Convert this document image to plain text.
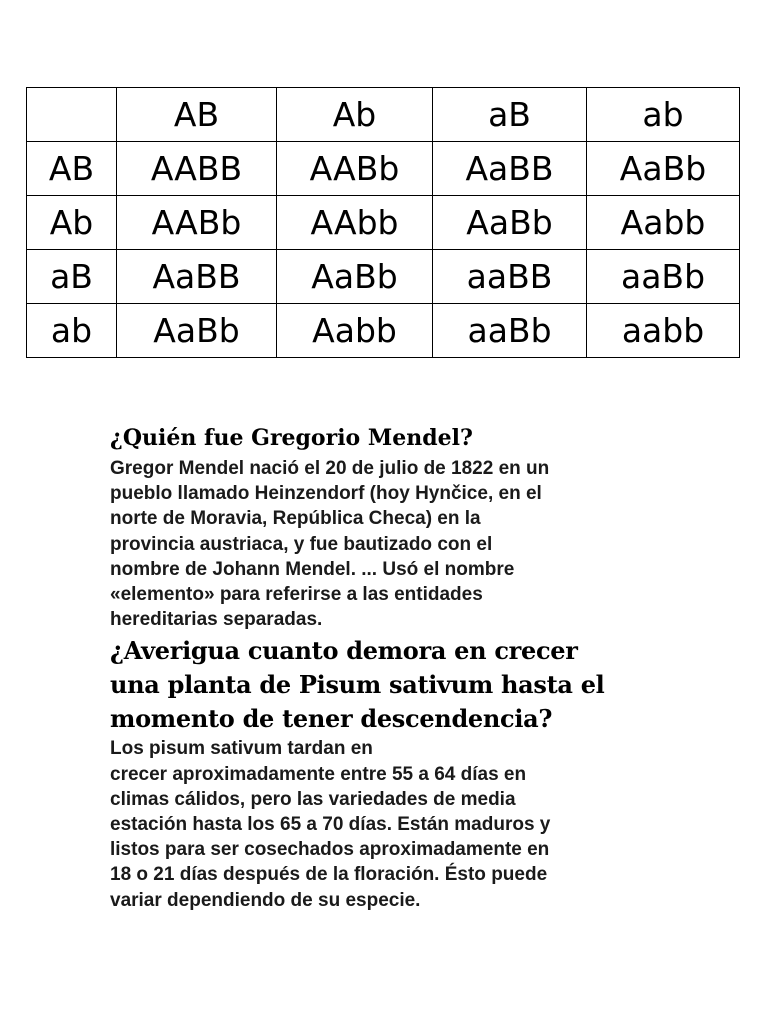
	AB	Ab	aB	ab
AB	AABB	AABb	AaBB	AaBb
Ab	AABb	AAbb	AaBb	Aabb
aB	AaBB	AaBb	aaBB	aaBb
ab	AaBb	Aabb	aaBb	aabb
¿Quién fue Gregorio Mendel?

Gregor Mendel nació el 20 de julio de 1822 en un
pueblo llamado Heinzendorf (hoy Hynčice, en el
norte de Moravia, República Checa) en la
provincia austriaca, y fue bautizado con el
nombre de Johann Mendel. ... Usó el nombre
«elemento» para referirse a las entidades
hereditarias separadas.

¿Averigua cuanto demora en crecer
una planta de Pisum sativum hasta el
momento de tener descendencia?

Los pisum sativum tardan en
crecer aproximadamente entre 55 a 64 días en
climas cálidos, pero las variedades de media
estación hasta los 65 a 70 días. Están maduros y
listos para ser cosechados aproximadamente en
18 o 21 días después de la floración. Ésto puede
variar dependiendo de su especie.
